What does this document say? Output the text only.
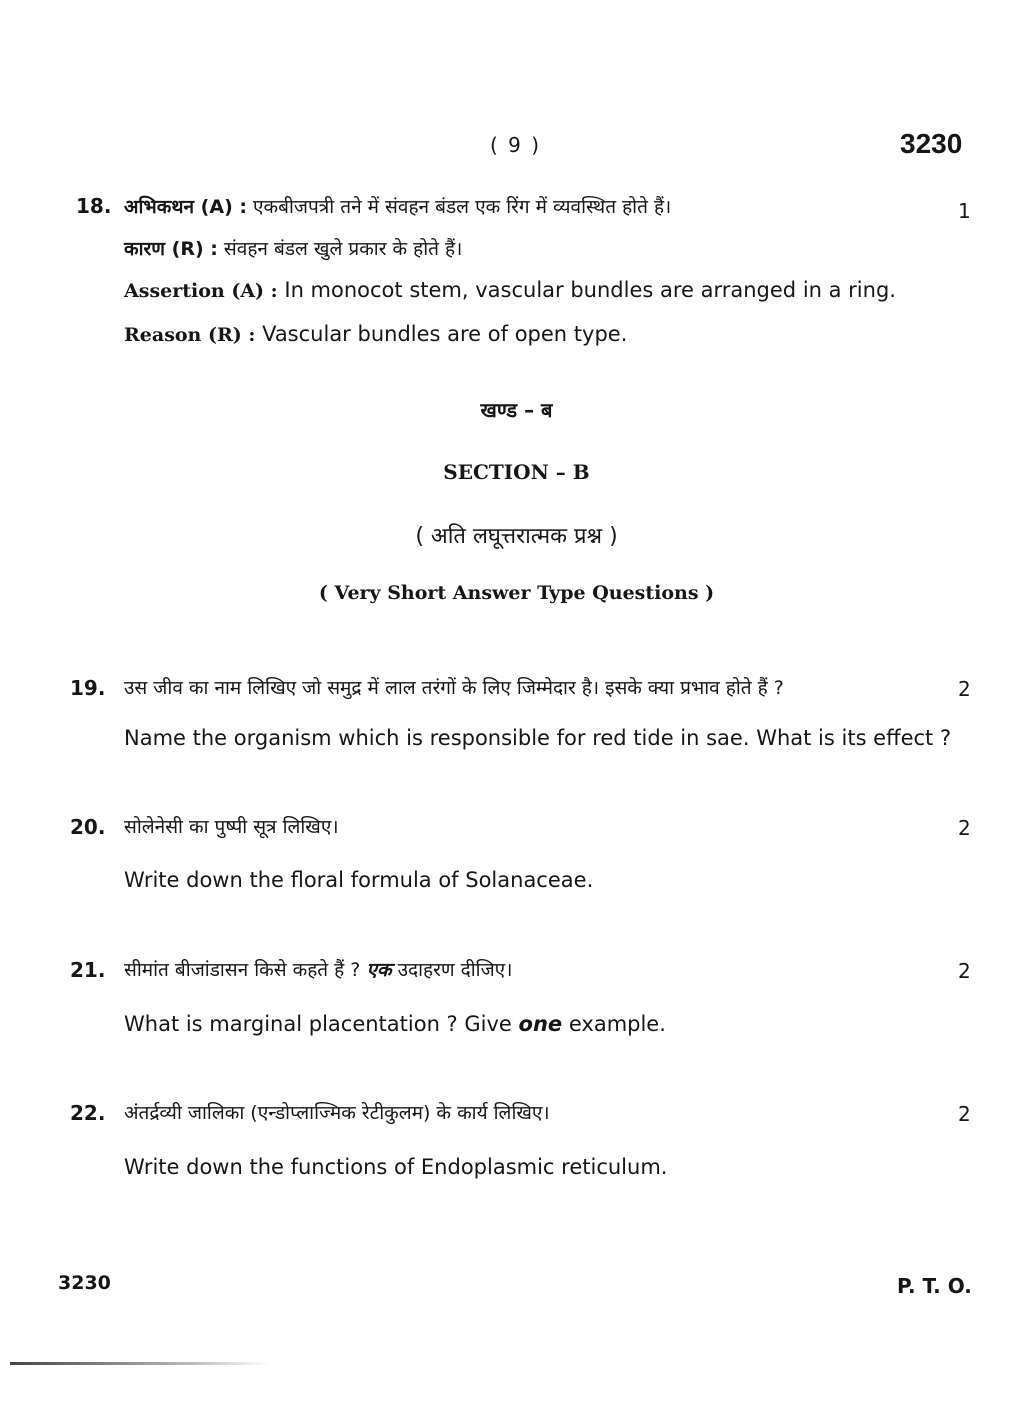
( 9 )	3230
18. अभिकथन (A) : एकबीजपत्री तने में संवहन बंडल एक रिंग में व्यवस्थित होते हैं।	1
कारण (R) : संवहन बंडल खुले प्रकार के होते हैं।
Assertion (A) : In monocot stem, vascular bundles are arranged in a ring.
Reason (R) : Vascular bundles are of open type.
खण्ड – ब
SECTION – B
( अति लघूत्तरात्मक प्रश्न )
( Very Short Answer Type Questions )
19. उस जीव का नाम लिखिए जो समुद्र में लाल तरंगों के लिए जिम्मेदार है। इसके क्या प्रभाव होते हैं ?	2
Name the organism which is responsible for red tide in sae. What is its effect ?
20. सोलेनेसी का पुष्पी सूत्र लिखिए।	2
Write down the floral formula of Solanaceae.
21. सीमांत बीजांडासन किसे कहते हैं ? एक उदाहरण दीजिए।	2
What is marginal placentation ? Give one example.
22. अंतर्द्रव्यी जालिका (एन्डोप्लाज्मिक रेटीकुलम) के कार्य लिखिए।	2
Write down the functions of Endoplasmic reticulum.
3230	P. T. O.
